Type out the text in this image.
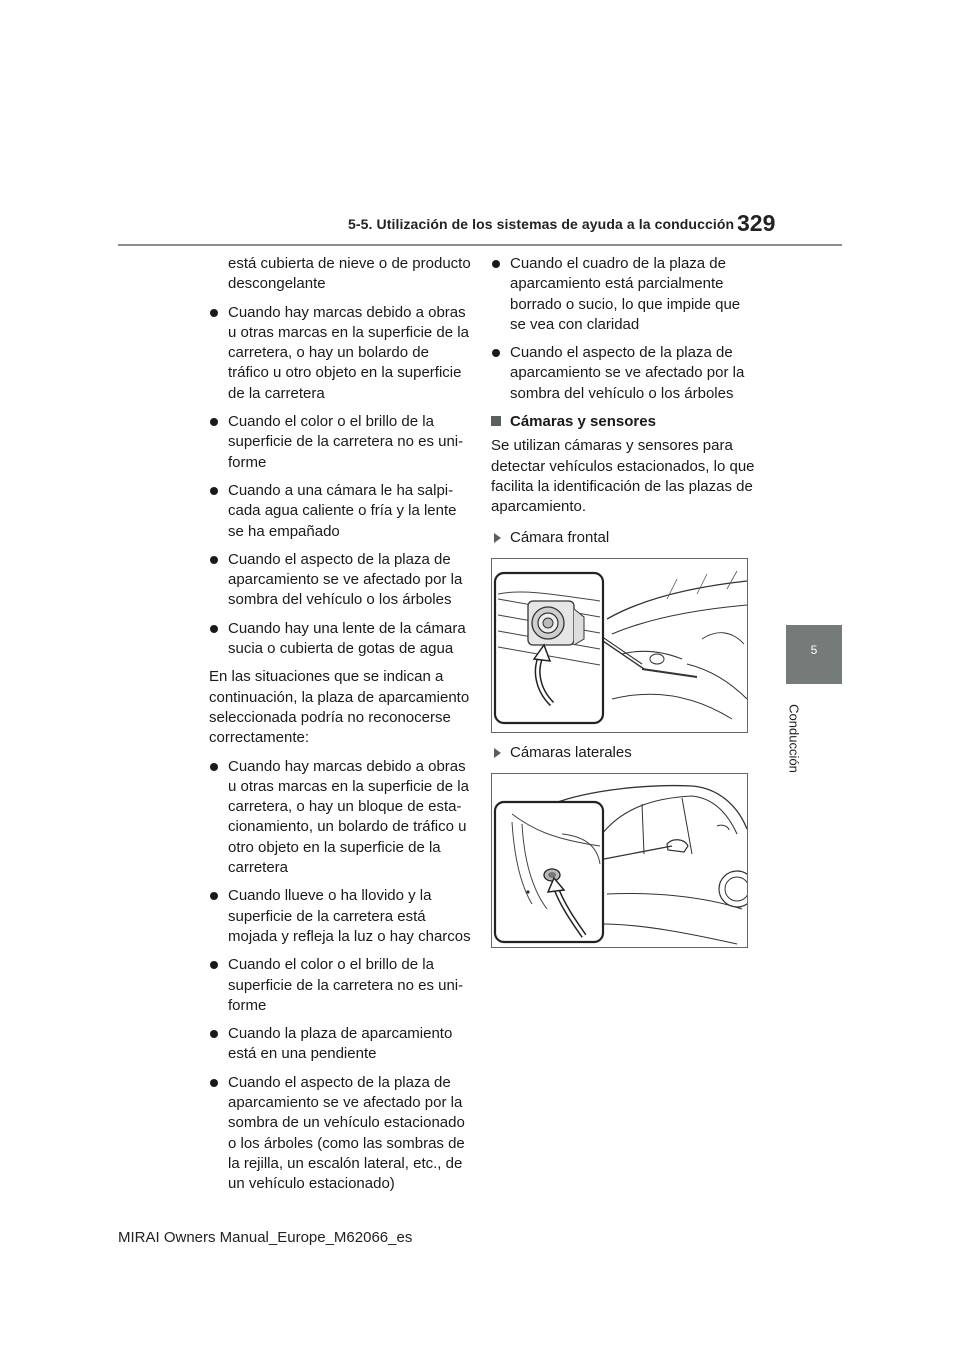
5-5. Utilización de los sistemas de ayuda a la conducción 329
5
Conducción
está cubierta de nieve o de producto descongelante
Cuando hay marcas debido a obras u otras marcas en la superficie de la carretera, o hay un bolardo de tráfico u otro objeto en la superficie de la carretera
Cuando el color o el brillo de la superficie de la carretera no es uni-forme
Cuando a una cámara le ha salpi-cada agua caliente o fría y la lente se ha empañado
Cuando el aspecto de la plaza de aparcamiento se ve afectado por la sombra del vehículo o los árboles
Cuando hay una lente de la cámara sucia o cubierta de gotas de agua
En las situaciones que se indican a continuación, la plaza de aparcamiento seleccionada podría no reconocerse correctamente:
Cuando hay marcas debido a obras u otras marcas en la superficie de la carretera, o hay un bloque de esta-cionamiento, un bolardo de tráfico u otro objeto en la superficie de la carretera
Cuando llueve o ha llovido y la superficie de la carretera está mojada y refleja la luz o hay charcos
Cuando el color o el brillo de la superficie de la carretera no es uni-forme
Cuando la plaza de aparcamiento está en una pendiente
Cuando el aspecto de la plaza de aparcamiento se ve afectado por la sombra de un vehículo estacionado o los árboles (como las sombras de la rejilla, un escalón lateral, etc., de un vehículo estacionado)
Cuando el cuadro de la plaza de aparcamiento está parcialmente borrado o sucio, lo que impide que se vea con claridad
Cuando el aspecto de la plaza de aparcamiento se ve afectado por la sombra del vehículo o los árboles
Cámaras y sensores
Se utilizan cámaras y sensores para detectar vehículos estacionados, lo que facilita la identificación de las plazas de aparcamiento.
Cámara frontal
Cámaras laterales
MIRAI Owners Manual_Europe_M62066_es
